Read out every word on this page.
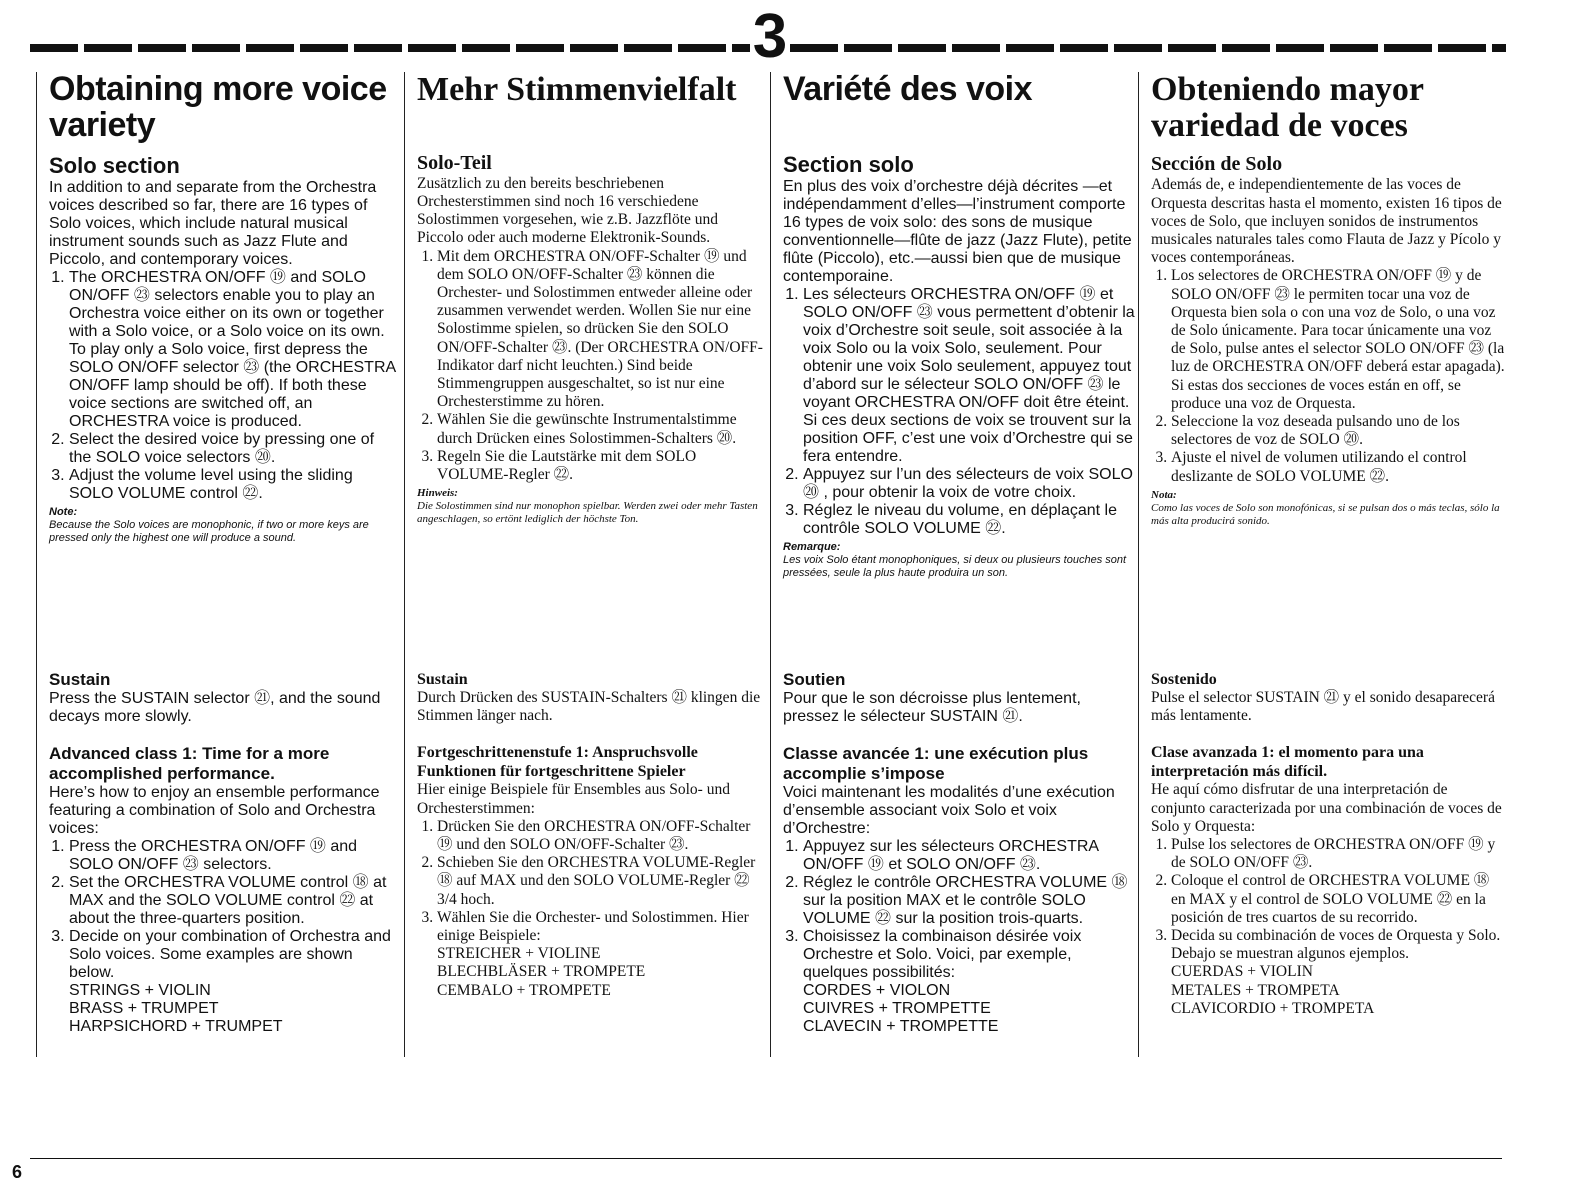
3
Obtaining more voice variety
Solo section

In addition to and separate from the Orchestra voices described so far, there are 16 types of Solo voices, which include natural musical instrument sounds such as Jazz Flute and Piccolo, and contemporary voices.

1. The ORCHESTRA ON/OFF ⑲ and SOLO ON/OFF ㉓ selectors enable you to play an Orchestra voice either on its own or together with a Solo voice, or a Solo voice on its own. To play only a Solo voice, first depress the SOLO ON/OFF selector ㉓ (the ORCHESTRA ON/OFF lamp should be off). If both these voice sections are switched off, an ORCHESTRA voice is produced.
2. Select the desired voice by pressing one of the SOLO voice selectors ⑳.
3. Adjust the volume level using the sliding SOLO VOLUME control ㉒.
Note:
Because the Solo voices are monophonic, if two or more keys are pressed only the highest one will produce a sound.
Sustain

Press the SUSTAIN selector ㉑, and the sound decays more slowly.

Advanced class 1: Time for a more accomplished performance.

Here’s how to enjoy an ensemble performance featuring a combination of Solo and Orchestra voices:

1. Press the ORCHESTRA ON/OFF ⑲ and SOLO ON/OFF ㉓ selectors.
2. Set the ORCHESTRA VOLUME control ⑱ at MAX and the SOLO VOLUME control ㉒ at about the three-quarters position.
3. Decide on your combination of Orchestra and Solo voices. Some examples are shown below.
STRINGS + VIOLIN
BRASS + TRUMPET
HARPSICHORD + TRUMPET
Mehr Stimmenvielfalt
Solo-Teil

Zusätzlich zu den bereits beschriebenen Orchesterstimmen sind noch 16 verschiedene Solostimmen vorgesehen, wie z.B. Jazzflöte und Piccolo oder auch moderne Elektronik-Sounds.

1. Mit dem ORCHESTRA ON/OFF-Schalter ⑲ und dem SOLO ON/OFF-Schalter ㉓ können die Orchester- und Solostimmen entweder alleine oder zusammen verwendet werden. Wollen Sie nur eine Solostimme spielen, so drücken Sie den SOLO ON/OFF-Schalter ㉓. (Der ORCHESTRA ON/OFF-Indikator darf nicht leuchten.) Sind beide Stimmengruppen ausgeschaltet, so ist nur eine Orchesterstimme zu hören.
2. Wählen Sie die gewünschte Instrumentalstimme durch Drücken eines Solostimmen-Schalters ⑳.
3. Regeln Sie die Lautstärke mit dem SOLO VOLUME-Regler ㉒.
Hinweis:
Die Solostimmen sind nur monophon spielbar. Werden zwei oder mehr Tasten angeschlagen, so ertönt lediglich der höchste Ton.
Sustain

Durch Drücken des SUSTAIN-Schalters ㉑ klingen die Stimmen länger nach.

Fortgeschrittenenstufe 1: Anspruchsvolle Funktionen für fortgeschrittene Spieler

Hier einige Beispiele für Ensembles aus Solo- und Orchesterstimmen:

1. Drücken Sie den ORCHESTRA ON/OFF-Schalter ⑲ und den SOLO ON/OFF-Schalter ㉓.
2. Schieben Sie den ORCHESTRA VOLUME-Regler ⑱ auf MAX und den SOLO VOLUME-Regler ㉒ 3/4 hoch.
3. Wählen Sie die Orchester- und Solostimmen. Hier einige Beispiele:
STREICHER + VIOLINE
BLECHBLÄSER + TROMPETE
CEMBALO + TROMPETE
Variété des voix
Section solo

En plus des voix d’orchestre déjà décrites —et indépendamment d’elles—l’instrument comporte 16 types de voix solo: des sons de musique conventionnelle—flûte de jazz (Jazz Flute), petite flûte (Piccolo), etc.—aussi bien que de musique contemporaine.

1. Les sélecteurs ORCHESTRA ON/OFF ⑲ et SOLO ON/OFF ㉓ vous permettent d’obtenir la voix d’Orchestre soit seule, soit associée à la voix Solo ou la voix Solo, seulement. Pour obtenir une voix Solo seulement, appuyez tout d’abord sur le sélecteur SOLO ON/OFF ㉓ le voyant ORCHESTRA ON/OFF doit être éteint. Si ces deux sections de voix se trouvent sur la position OFF, c’est une voix d’Orchestre qui se fera entendre.
2. Appuyez sur l’un des sélecteurs de voix SOLO ⑳ , pour obtenir la voix de votre choix.
3. Réglez le niveau du volume, en déplaçant le contrôle SOLO VOLUME ㉒.
Remarque:
Les voix Solo étant monophoniques, si deux ou plusieurs touches sont pressées, seule la plus haute produira un son.
Soutien

Pour que le son décroisse plus lentement, pressez le sélecteur SUSTAIN ㉑.

Classe avancée 1: une exécution plus accomplie s’impose

Voici maintenant les modalités d’une exécution d’ensemble associant voix Solo et voix d’Orchestre:

1. Appuyez sur les sélecteurs ORCHESTRA ON/OFF ⑲ et SOLO ON/OFF ㉓.
2. Réglez le contrôle ORCHESTRA VOLUME ⑱ sur la position MAX et le contrôle SOLO VOLUME ㉒ sur la position trois-quarts.
3. Choisissez la combinaison désirée voix Orchestre et Solo. Voici, par exemple, quelques possibilités:
CORDES + VIOLON
CUIVRES + TROMPETTE
CLAVECIN + TROMPETTE
Obteniendo mayor variedad de voces
Sección de Solo

Además de, e independientemente de las voces de Orquesta descritas hasta el momento, existen 16 tipos de voces de Solo, que incluyen sonidos de instrumentos musicales naturales tales como Flauta de Jazz y Pícolo y voces contemporáneas.

1. Los selectores de ORCHESTRA ON/OFF ⑲ y de SOLO ON/OFF ㉓ le permiten tocar una voz de Orquesta bien sola o con una voz de Solo, o una voz de Solo únicamente. Para tocar únicamente una voz de Solo, pulse antes el selector SOLO ON/OFF ㉓ (la luz de ORCHESTRA ON/OFF deberá estar apagada). Si estas dos secciones de voces están en off, se produce una voz de Orquesta.
2. Seleccione la voz deseada pulsando uno de los selectores de voz de SOLO ⑳.
3. Ajuste el nivel de volumen utilizando el control deslizante de SOLO VOLUME ㉒.
Nota:
Como las voces de Solo son monofónicas, si se pulsan dos o más teclas, sólo la más alta producirá sonido.
Sostenido

Pulse el selector SUSTAIN ㉑ y el sonido desaparecerá más lentamente.

Clase avanzada 1: el momento para una interpretación más difícil.

He aquí cómo disfrutar de una interpretación de conjunto caracterizada por una combinación de voces de Solo y Orquesta:

1. Pulse los selectores de ORCHESTRA ON/OFF ⑲ y de SOLO ON/OFF ㉓.
2. Coloque el control de ORCHESTRA VOLUME ⑱ en MAX y el control de SOLO VOLUME ㉒ en la posición de tres cuartos de su recorrido.
3. Decida su combinación de voces de Orquesta y Solo. Debajo se muestran algunos ejemplos.
CUERDAS + VIOLIN
METALES + TROMPETA
CLAVICORDIO + TROMPETA
6
